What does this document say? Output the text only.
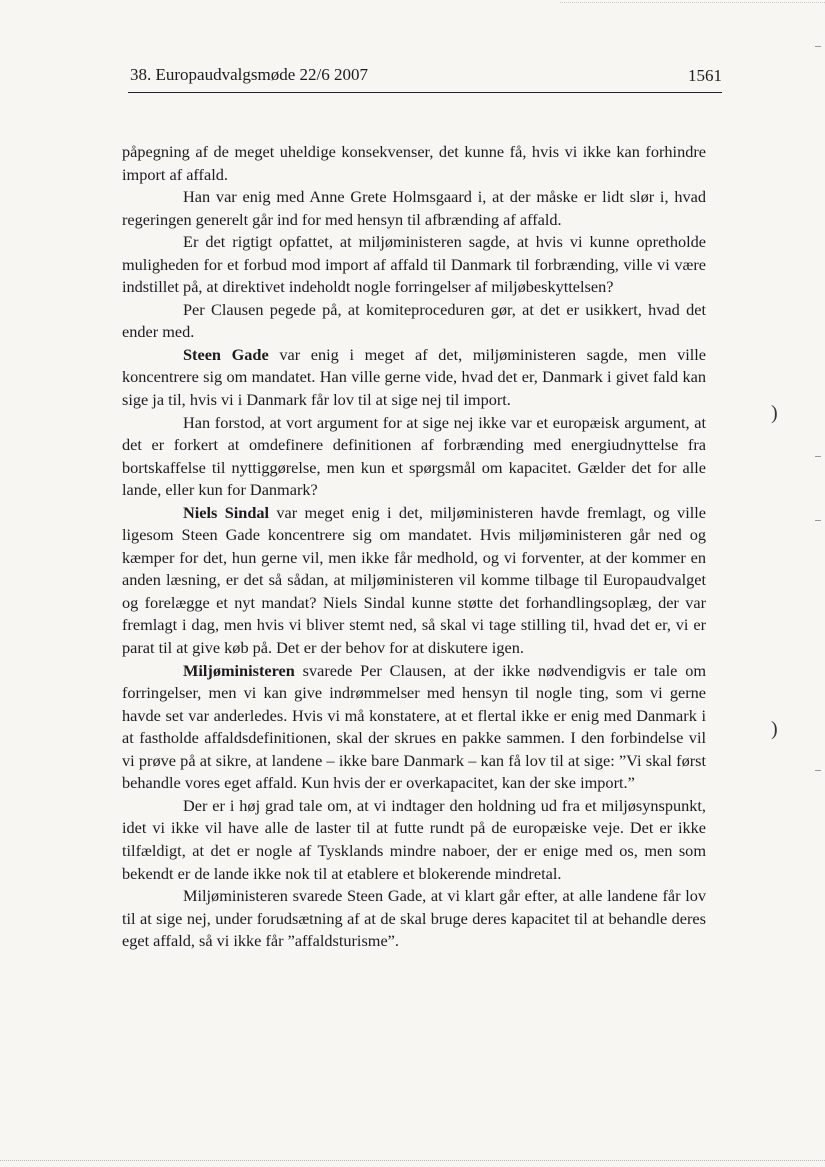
38. Europaudvalgsmøde 22/6 2007	1561

påpegning af de meget uheldige konsekvenser, det kunne få, hvis vi ikke kan forhindre import af affald.

Han var enig med Anne Grete Holmsgaard i, at der måske er lidt slør i, hvad regeringen generelt går ind for med hensyn til afbrænding af affald.

Er det rigtigt opfattet, at miljøministeren sagde, at hvis vi kunne opretholde muligheden for et forbud mod import af affald til Danmark til forbrænding, ville vi være indstillet på, at direktivet indeholdt nogle forringelser af miljøbeskyttelsen?

Per Clausen pegede på, at komiteproceduren gør, at det er usikkert, hvad det ender med.

Steen Gade var enig i meget af det, miljøministeren sagde, men ville koncentrere sig om mandatet. Han ville gerne vide, hvad det er, Danmark i givet fald kan sige ja til, hvis vi i Danmark får lov til at sige nej til import.

Han forstod, at vort argument for at sige nej ikke var et europæisk argument, at det er forkert at omdefinere definitionen af forbrænding med energiudnyttelse fra bortskaffelse til nyttiggørelse, men kun et spørgsmål om kapacitet. Gælder det for alle lande, eller kun for Danmark?

Niels Sindal var meget enig i det, miljøministeren havde fremlagt, og ville ligesom Steen Gade koncentrere sig om mandatet. Hvis miljøministeren går ned og kæmper for det, hun gerne vil, men ikke får medhold, og vi forventer, at der kommer en anden læsning, er det så sådan, at miljøministeren vil komme tilbage til Europaudvalget og forelægge et nyt mandat? Niels Sindal kunne støtte det forhandlingsoplæg, der var fremlagt i dag, men hvis vi bliver stemt ned, så skal vi tage stilling til, hvad det er, vi er parat til at give køb på. Det er der behov for at diskutere igen.

Miljøministeren svarede Per Clausen, at der ikke nødvendigvis er tale om forringelser, men vi kan give indrømmelser med hensyn til nogle ting, som vi gerne havde set var anderledes. Hvis vi må konstatere, at et flertal ikke er enig med Danmark i at fastholde affaldsdefinitionen, skal der skrues en pakke sammen. I den forbindelse vil vi prøve på at sikre, at landene – ikke bare Danmark – kan få lov til at sige: ”Vi skal først behandle vores eget affald. Kun hvis der er overkapacitet, kan der ske import.”

Der er i høj grad tale om, at vi indtager den holdning ud fra et miljøsynspunkt, idet vi ikke vil have alle de laster til at futte rundt på de europæiske veje. Det er ikke tilfældigt, at det er nogle af Tysklands mindre naboer, der er enige med os, men som bekendt er de lande ikke nok til at etablere et blokerende mindretal.

Miljøministeren svarede Steen Gade, at vi klart går efter, at alle landene får lov til at sige nej, under forudsætning af at de skal bruge deres kapacitet til at behandle deres eget affald, så vi ikke får ”affaldsturisme”.

)
)
